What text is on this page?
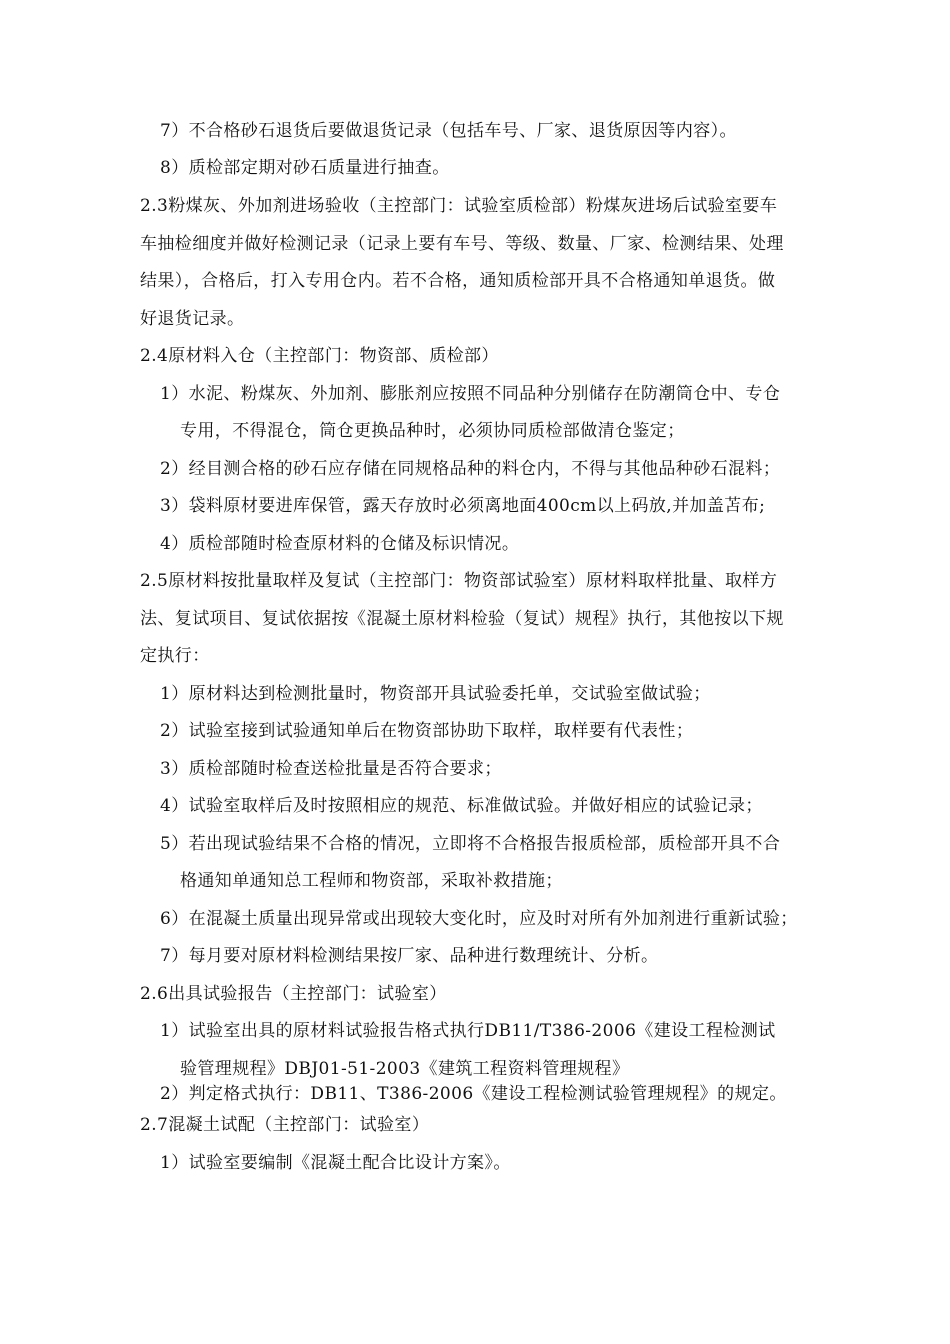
7）不合格砂石退货后要做退货记录（包括车号、厂家、退货原因等内容）。
8）质检部定期对砂石质量进行抽查。
2.3粉煤灰、外加剂进场验收（主控部门：试验室质检部）粉煤灰进场后试验室要车
车抽检细度并做好检测记录（记录上要有车号、等级、数量、厂家、检测结果、处理
结果），合格后，打入专用仓内。若不合格，通知质检部开具不合格通知单退货。做
好退货记录。
2.4原材料入仓（主控部门：物资部、质检部）
1）水泥、粉煤灰、外加剂、膨胀剂应按照不同品种分别储存在防潮筒仓中、专仓
专用，不得混仓，筒仓更换品种时，必须协同质检部做清仓鉴定；
2）经目测合格的砂石应存储在同规格品种的料仓内，不得与其他品种砂石混料；
3）袋料原材要进库保管，露天存放时必须离地面400cm以上码放,并加盖苫布;
4）质检部随时检查原材料的仓储及标识情况。
2.5原材料按批量取样及复试（主控部门：物资部试验室）原材料取样批量、取样方
法、复试项目、复试依据按《混凝土原材料检验（复试）规程》执行，其他按以下规
定执行：
1）原材料达到检测批量时，物资部开具试验委托单，交试验室做试验；
2）试验室接到试验通知单后在物资部协助下取样，取样要有代表性；
3）质检部随时检查送检批量是否符合要求；
4）试验室取样后及时按照相应的规范、标准做试验。并做好相应的试验记录；
5）若出现试验结果不合格的情况，立即将不合格报告报质检部，质检部开具不合
格通知单通知总工程师和物资部，采取补救措施；
6）在混凝土质量出现异常或出现较大变化时，应及时对所有外加剂进行重新试验；
7）每月要对原材料检测结果按厂家、品种进行数理统计、分析。
2.6出具试验报告（主控部门：试验室）
1）试验室出具的原材料试验报告格式执行DB11/T386-2006《建设工程检测试
验管理规程》DBJ01-51-2003《建筑工程资料管理规程》
2）判定格式执行：DB11、T386-2006《建设工程检测试验管理规程》的规定。
2.7混凝土试配（主控部门：试验室）
1）试验室要编制《混凝土配合比设计方案》。
